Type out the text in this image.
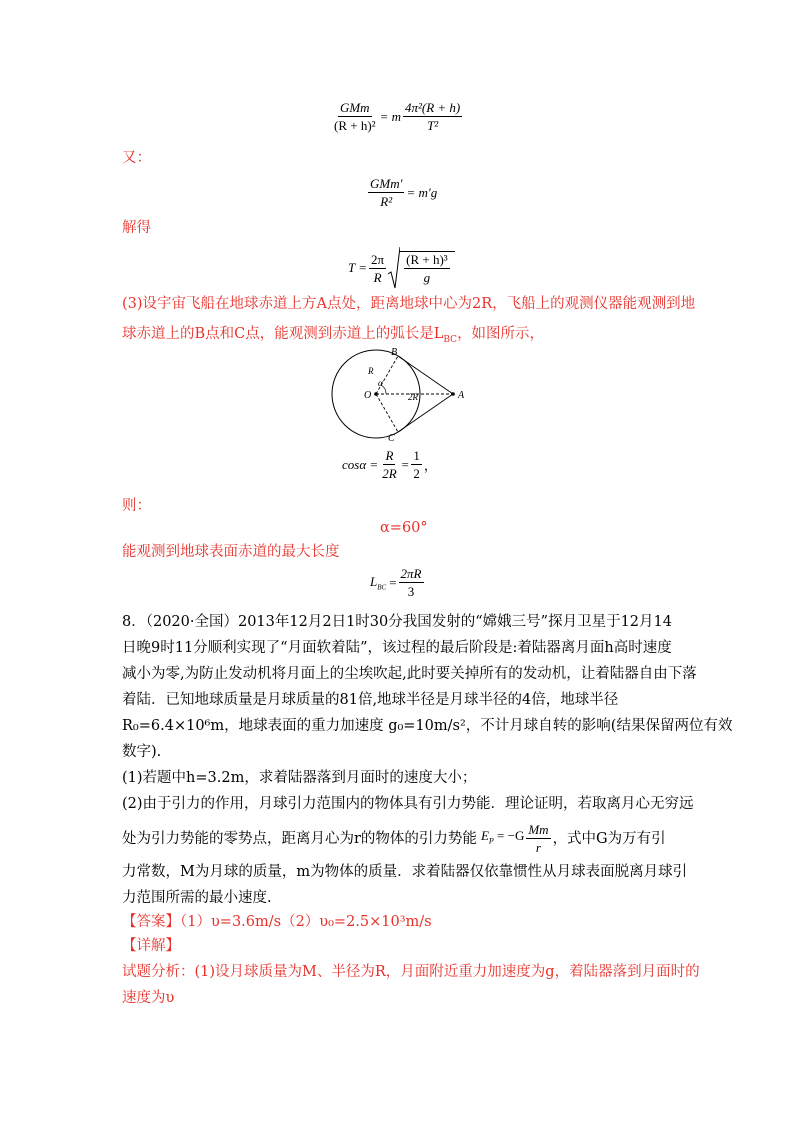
$\frac{\text{GMm}}{\text{(R + h)²}} = m \frac{\text{4π²(R + h)}}{\text{T²}}$
又：
$\frac{\text{GMm′}}{\text{R²}} = m'g$
解得
$T = \frac{2\pi}{R} \frac{\text{(R + h)³}}{g}$
(3)设宇宙飞船在地球赤道上方A点处，距离地球中心为2R，飞船上的观测仪器能观测到地
球赤道上的B点和C点，能观测到赤道上的弧长是$L_{BC}$，如图所示，
B
C
O	A
R
α
2R
$\cos\alpha = \frac{R}{2R} = \frac{1}{2}$ ，
则：
α=60°
能观测到地球表面赤道的最大长度
$L_{BC} = \frac{2\pi R}{3}$
8．（2020·全国）2013年12月2日1时30分我国发射的“嫦娥三号”探月卫星于12月14
日晚9时11分顺利实现了“月面软着陆”，该过程的最后阶段是:着陆器离月面h高时速度
减小为零,为防止发动机将月面上的尘埃吹起,此时要关掉所有的发动机，让着陆器自由下落
着陆．已知地球质量是月球质量的81倍,地球半径是月球半径的4倍，地球半径
R₀=6.4×10⁶m，地球表面的重力加速度 g₀=10m/s²，不计月球自转的影响(结果保留两位有效
数字).
(1)若题中h=3.2m，求着陆器落到月面时的速度大小；
(2)由于引力的作用，月球引力范围内的物体具有引力势能．理论证明，若取离月心无穷远
处为引力势能的零势点，距离月心为r的物体的引力势能 $E_P = -G \frac{Mm}{r}$ ，式中G为万有引
力常数，M为月球的质量，m为物体的质量．求着陆器仅依靠惯性从月球表面脱离月球引
力范围所需的最小速度.
【答案】（1）υ=3.6m/s（2）υ₀=2.5×10³m/s
【详解】
试题分析：(1)设月球质量为M、半径为R，月面附近重力加速度为g，着陆器落到月面时的
速度为υ
